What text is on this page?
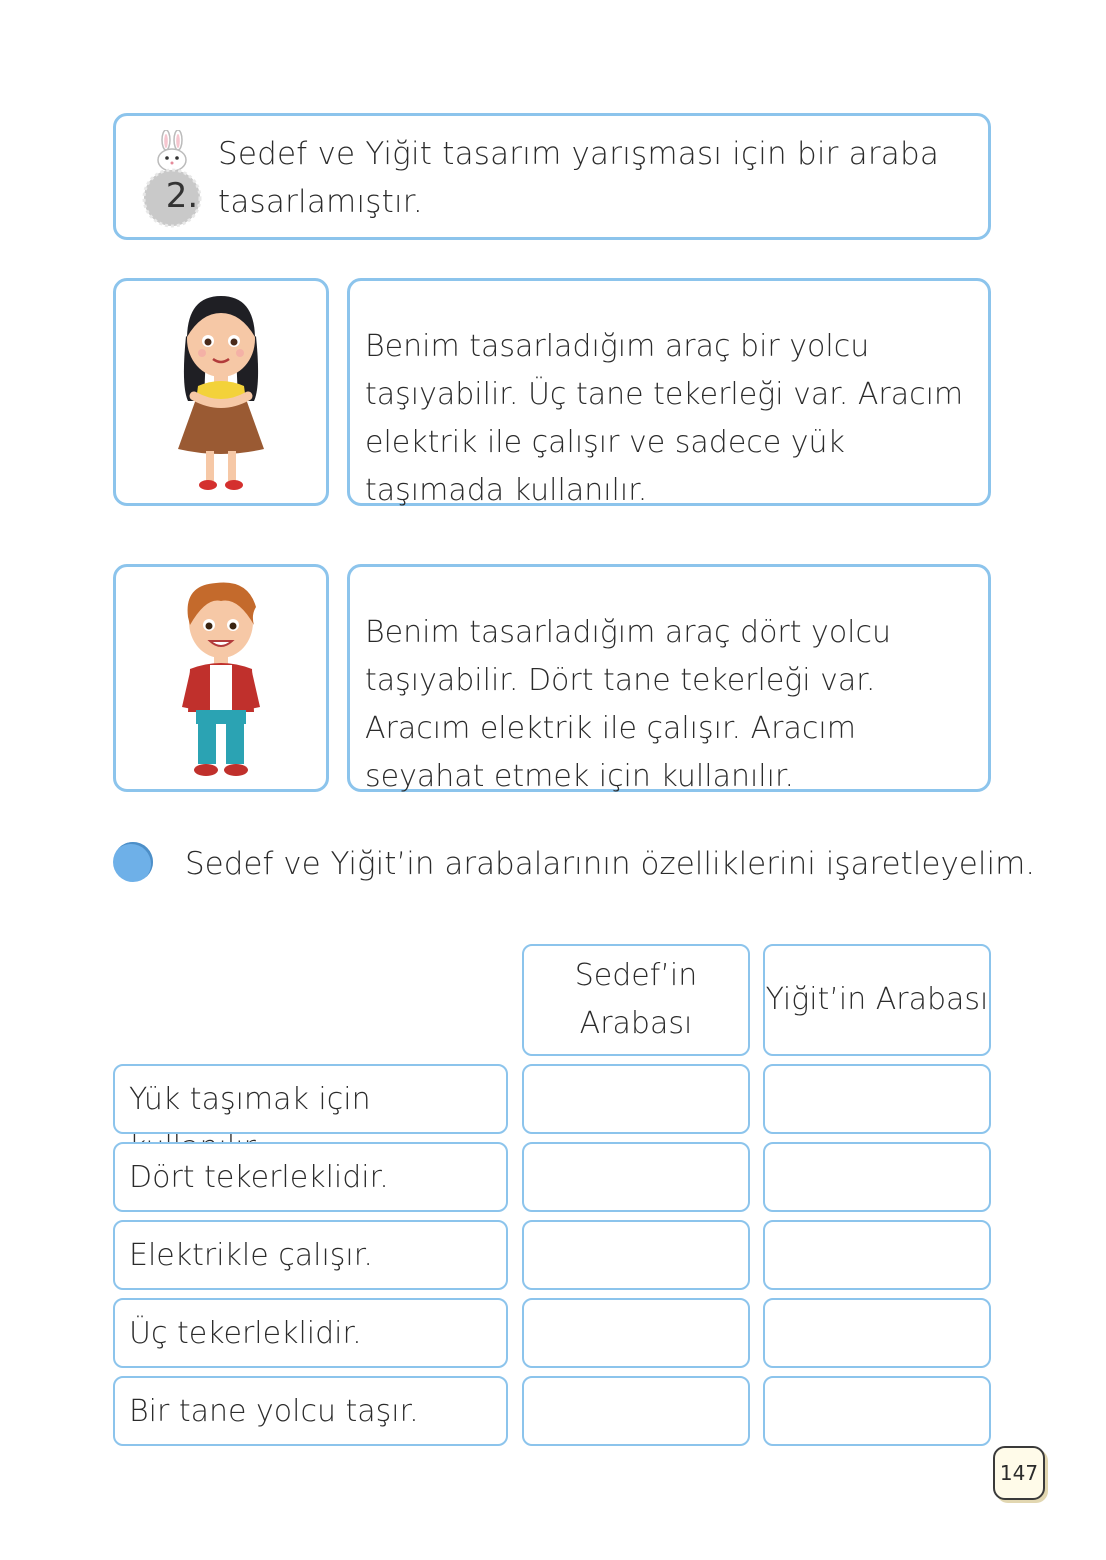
2.
Sedef ve Yiğit tasarım yarışması için bir araba tasarlamıştır.

Benim tasarladığım araç bir yolcu taşıyabilir. Üç tane tekerleği var. Aracım elektrik ile çalışır ve sadece yük taşımada kullanılır.

Benim tasarladığım araç dört yolcu taşıyabilir. Dört tane tekerleği var. Aracım elektrik ile çalışır. Aracım seyahat etmek için kullanılır.

Sedef ve Yiğit’in arabalarının özelliklerini işaretleyelim.
Sedef’in Arabası
Yiğit’in Arabası
Yük taşımak için
Dört tekerleklidir.
Elektrikle çalışır.
Üç tekerleklidir.
Bir tane yolcu taşır.
147
